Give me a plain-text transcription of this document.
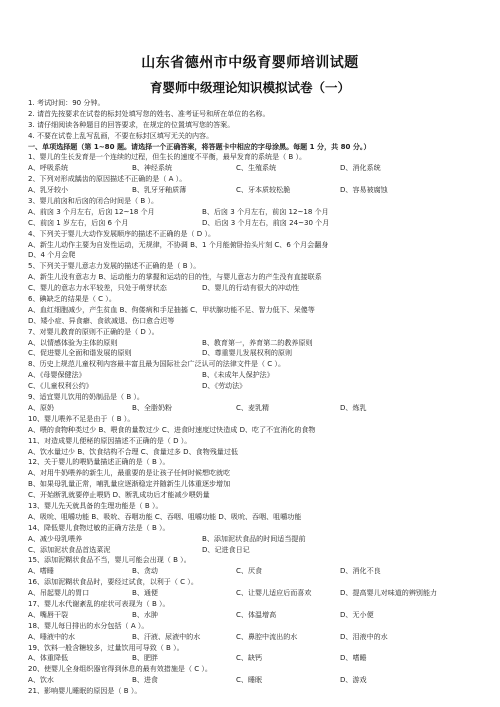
山东省德州市中级育婴师培训试题
育婴师中级理论知识模拟试卷（一）
1. 考试时间：90 分钟。
2. 请首先按要求在试卷的标封处填写您的姓名、准考证号和所在单位的名称。
3. 请仔细阅读各种题目的回答要求，在规定的位置填写您的答案。
4. 不要在试卷上乱写乱画，不要在标封区填写无关的内容。
一、单项选择题（第 1~80 题。请选择一个正确答案，将答题卡中相应的字母涂黑。每题 1 分，共 80 分。）
1、婴儿的生长发育是一个连续的过程，但生长的速度不平衡，最早发育的系统是（ B ）。
A、呼吸系统	B、神经系统	C、生殖系统	D、消化系统
2、下列对形成龋齿的原因描述不正确的是（ A ）。
A、乳牙较小	B、乳牙牙釉质薄	C、牙本质较松脆	D、容易被腐蚀
3、婴儿前囟和后囟的闭合时间是（ B ）。
A、前囟 3 个月左右，后囟 12~18 个月	B、后囟 3 个月左右，前囟 12~18 个月
C、前囟 1 岁左右，后囟 6 个月	D、后囟 3 个月左右，前囟 24~30 个月
4、下列关于婴儿大动作发展顺序的描述不正确的是（ D ）。
A、新生儿动作主要为自发性运动，无规律，不协调 B、1 个月能俯卧抬头片刻 C、6 个月会翻身
D、4 个月会爬
5、下列关于婴儿意志力发展的描述不正确的是（ B ）。
A、新生儿没有意志力 B、运动能力的掌握和运动的目的性，与婴儿意志力的产生没有直接联系
C、婴儿的意志力水平较差，只处于萌芽状态	D、婴儿的行动有很大的冲动性
6、碘缺乏的结果是（ C ）。
A、血红细胞减少，产生贫血 B、佝偻病和手足抽搐 C、甲状腺功能不足、智力低下、呆傻等
D、矮小症、异食癖、食欲减退、伤口愈合迟等
7、对婴儿教育的原则不正确的是（ D ）。
A、以情感体验为主体的原则	B、教育第一，养育第二的教养原则
C、促进婴儿全面和谐发展的原则	D、尊重婴儿发展权利的原则
8、历史上规范儿童权利内容最丰富且最为国际社会广泛认可的法律文件是（ C ）。
A、《母婴保健法》	B、《未成年人保护法》
C、《儿童权利公约》	D、《劳动法》
9、适宜婴儿饮用的奶制品是（ B ）。
A、原奶	B、全脂奶粉	C、麦乳精	D、炼乳
10、婴儿喂养不足是由于（ B ）。
A、喂的食物种类过少 B、喂食的量数过少 C、进食时速度过快造成 D、吃了不宜消化的食物
11、对造成婴儿便秘的原因描述不正确的是（ D ）。
A、饮水量过少 B、饮食结构不合理 C、食量过多 D、食物残量过低
12、关于婴儿的喂奶量描述正确的是（ B ）。
A、对用牛奶喂养的新生儿，最重要的是让孩子任何时候想吃就吃
B、如果母乳量正常，哺乳量应逐渐稳定并随新生儿体重逐步增加
C、开始断乳就要停止喂奶 D、断乳成功后才能减少喂奶量
13、婴儿先天就具备的生理功能是（ B ）。
A、吸吮、咀嚼功能 B、吸吮、吞咽功能 C、吞咽、咀嚼功能 D、吸吮、吞咽、咀嚼功能
14、降低婴儿食物过敏的正确方法是（ B ）。
A、减少母乳喂养	B、添加泥状食品的时间适当提前
C、添加泥状食品首选菜泥	D、记进食日记
15、添加泥糊状食品不当，婴儿可能会出现（ B ）。
A、嗜睡	B、贪动	C、厌食	D、消化不良
16、添加泥糊状食品时，要经过试食，以利于（ C ）。
A、吊起婴儿的胃口	B、通便	C、让婴儿适应后而喜欢	D、提高婴儿对味道的辨别能力
17、婴儿水代谢紊乱的症状可表现为（ B ）。
A、嘴唇干裂	B、水肿	C、体温增高	D、无小便
18、婴儿每日排出的水分包括（ A ）。
A、唾液中的水	B、汗液、尿液中的水	C、鼻腔中流出的水	D、泪液中的水
19、饮料一般含糖较多，过量饮用可导致（ B ）。
A、体重降低	B、肥胖	C、缺钙	D、嗜睡
20、使婴儿全身组织器官得到休息的最有效措施是（ C ）。
A、饮水	B、进食	C、睡眠	D、游戏
21、影响婴儿睡眠的原因是（ B ）。
